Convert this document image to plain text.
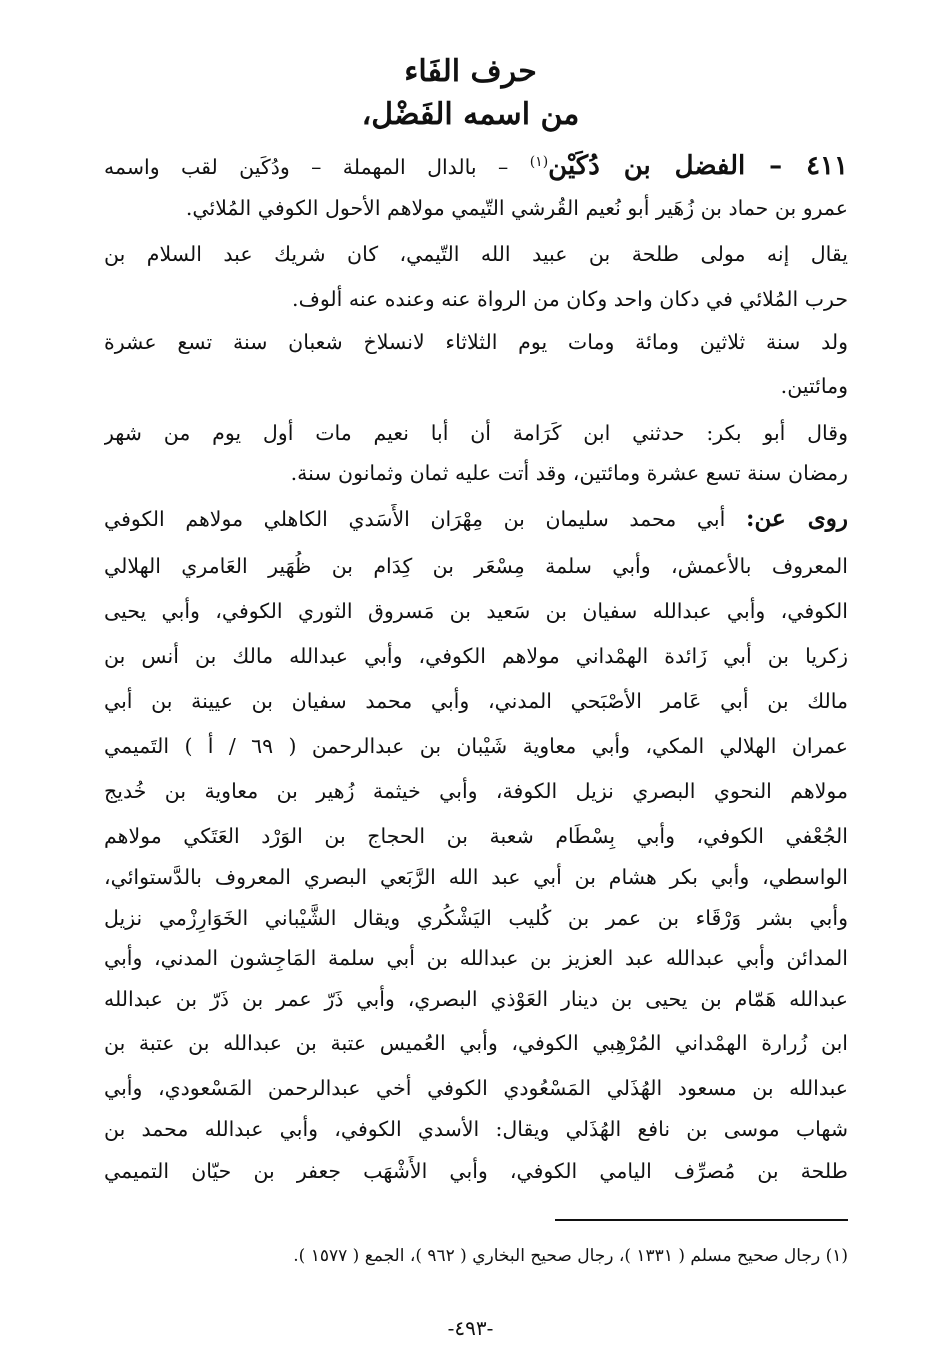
حرف الفَاء
من اسمه الفَضْل،
٤١١ – الفضل بن دُكَيْن$^{(١)}$ – بالدال المهملة – ودُكَين لقب واسمه
عمرو بن حماد بن زُهَير أبو نُعيم القُرشي التّيمي مولاهم الأحول الكوفي المُلائي.
يقال إنه مولى طلحة بن عبيد الله التّيمي، كان شريك عبد السلام بن
حرب المُلائي في دكان واحد وكان من الرواة عنه وعنده عنه ألوف.
ولد سنة ثلاثين ومائة ومات يوم الثلاثاء لانسلاخ شعبان سنة تسع عشرة
ومائتين.
وقال أبو بكر: حدثني ابن كَرَامة أن أبا نعيم مات أول يوم من شهر
رمضان سنة تسع عشرة ومائتين، وقد أتت عليه ثمان وثمانون سنة.
روى عن: أبي محمد سليمان بن مِهْرَان الأَسَدي الكاهلي مولاهم الكوفي
المعروف بالأعمش، وأبي سلمة مِسْعَر بن كِدَام بن ظُهَير العَامري الهلالي
الكوفي، وأبي عبدالله سفيان بن سَعيد بن مَسروق الثوري الكوفي، وأبي يحيى
زكريا بن أبي زَائدة الهمْداني مولاهم الكوفي، وأبي عبدالله مالك بن أنس بن
مالك بن أبي عَامر الأصْبَحي المدني، وأبي محمد سفيان بن عيينة بن أبي
عمران الهلالي المكي، وأبي معاوية شَيْبان بن عبدالرحمن ( ٦٩ / أ ) التَميمي
مولاهم النحوي البصري نزيل الكوفة، وأبي خيثمة زُهير بن معاوية بن خُديج
الجُعْفي الكوفي، وأبي بِسْطَام شعبة بن الحجاج بن الوَرْد العَتَكي مولاهم
الواسطي، وأبي بكر هشام بن أبي عبد الله الرَّبَعي البصري المعروف بالدَّستوائي،
وأبي بشر وَرْقَاء بن عمر بن كُليب اليَشْكُري ويقال الشَّيْباني الخَوَارِزْمي نزيل
المدائن وأبي عبدالله عبد العزيز بن عبدالله بن أبي سلمة المَاجِشون المدني، وأبي
عبدالله هَمّام بن يحيى بن دينار العَوْذي البصري، وأبي ذَرّ عمر بن ذَرّ بن عبدالله
ابن زُرارة الهمْداني المُرْهِبي الكوفي، وأبي العُميس عتبة بن عبدالله بن عتبة بن
عبدالله بن مسعود الهُذَلي المَسْعُودي الكوفي أخي عبدالرحمن المَسْعودي، وأبي
شهاب موسى بن نافع الهُذَلي ويقال: الأسدي الكوفي، وأبي عبدالله محمد بن
طلحة بن مُصرِّف اليامي الكوفي، وأبي الأَشْهَب جعفر بن حيّان التميمي
(١) رجال صحيح مسلم ( ١٣٣١ )، رجال صحيح البخاري ( ٩٦٢ )، الجمع ( ١٥٧٧ ).
-٤٩٣-
